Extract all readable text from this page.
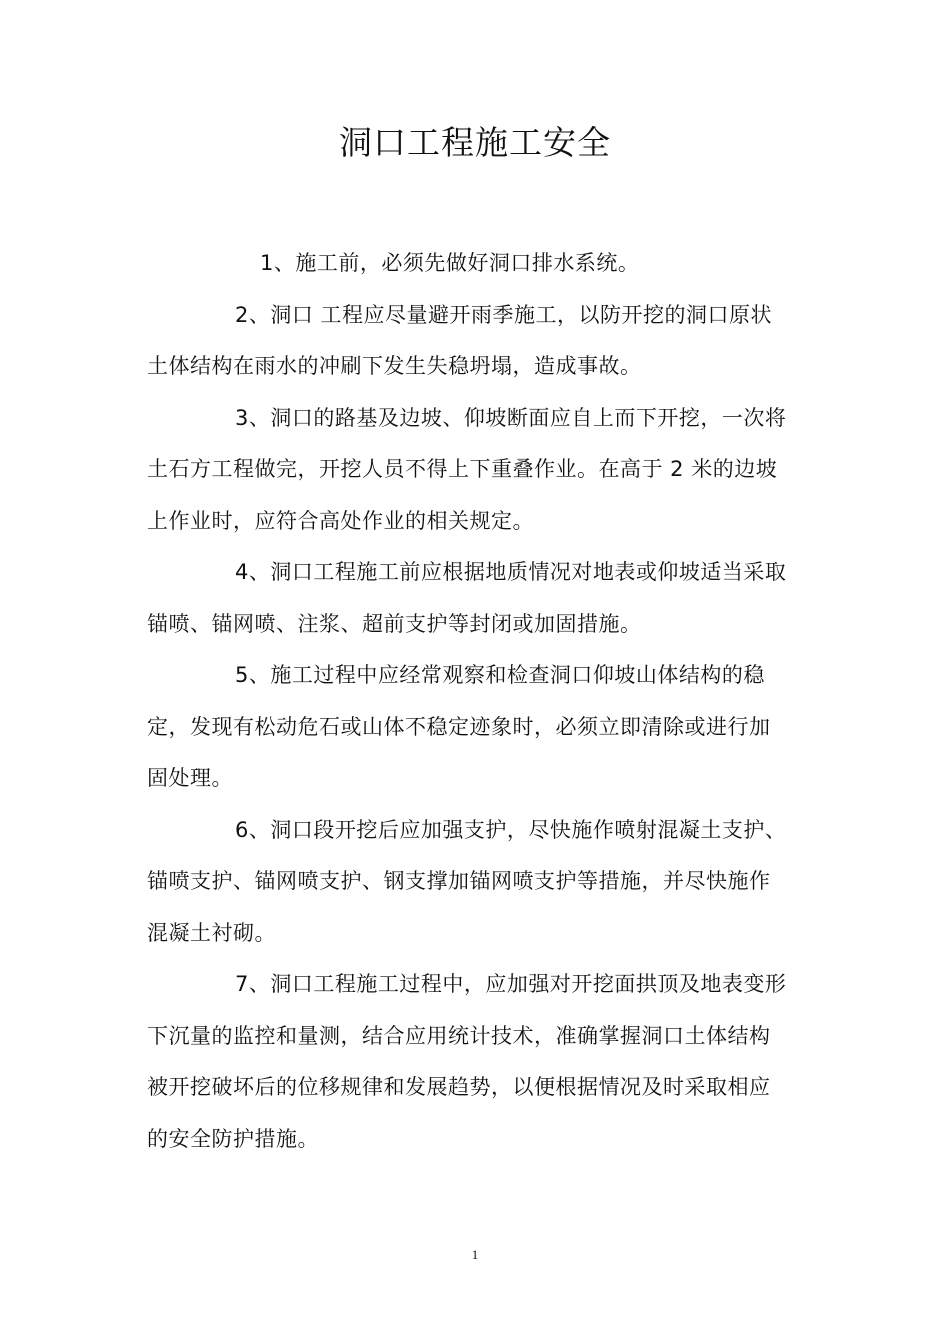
洞口工程施工安全

1、施工前，必须先做好洞口排水系统。

2、洞口 工程应尽量避开雨季施工，以防开挖的洞口原状
土体结构在雨水的冲刷下发生失稳坍塌，造成事故。

3、洞口的路基及边坡、仰坡断面应自上而下开挖，一次将
土石方工程做完，开挖人员不得上下重叠作业。在高于 2 米的边坡
上作业时，应符合高处作业的相关规定。

4、洞口工程施工前应根据地质情况对地表或仰坡适当采取
锚喷、锚网喷、注浆、超前支护等封闭或加固措施。

5、施工过程中应经常观察和检查洞口仰坡山体结构的稳
定，发现有松动危石或山体不稳定迹象时，必须立即清除或进行加
固处理。

6、洞口段开挖后应加强支护，尽快施作喷射混凝土支护、
锚喷支护、锚网喷支护、钢支撑加锚网喷支护等措施，并尽快施作
混凝土衬砌。

7、洞口工程施工过程中，应加强对开挖面拱顶及地表变形
下沉量的监控和量测，结合应用统计技术，准确掌握洞口土体结构
被开挖破坏后的位移规律和发展趋势，以便根据情况及时采取相应
的安全防护措施。

1
